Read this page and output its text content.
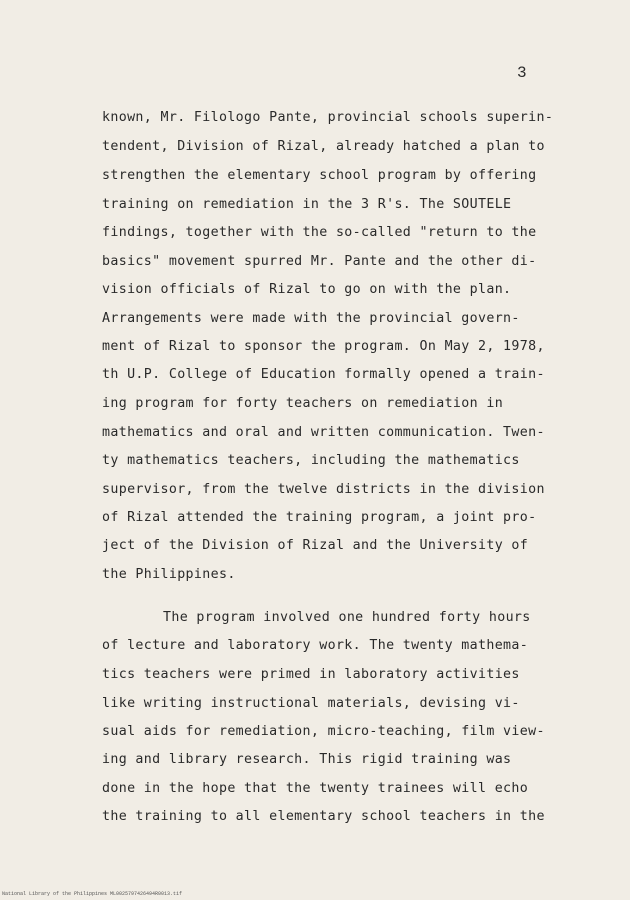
3
known, Mr. Filologo Pante, provincial schools superin-
tendent, Division of Rizal, already hatched a plan to
strengthen the elementary school program by offering
training on remediation in the 3 R's. The SOUTELE
findings, together with the so-called "return to the
basics" movement spurred Mr. Pante and the other di-
vision officials of Rizal to go on with the plan.
Arrangements were made with the provincial govern-
ment of Rizal to sponsor the program. On May 2, 1978,
th U.P. College of Education formally opened a train-
ing program for forty teachers on remediation in
mathematics and oral and written communication. Twen-
ty mathematics teachers, including the mathematics
supervisor, from the twelve districts in the division
of Rizal attended the training program, a joint pro-
ject of the Division of Rizal and the University of
the Philippines.
The program involved one hundred forty hours
of lecture and laboratory work. The twenty mathema-
tics teachers were primed in laboratory activities
like writing instructional materials, devising vi-
sual aids for remediation, micro-teaching, film view-
ing and library research. This rigid training was
done in the hope that the twenty trainees will echo
the training to all elementary school teachers in the
National Library of the Philippines ML0025797426494R0013.tif
